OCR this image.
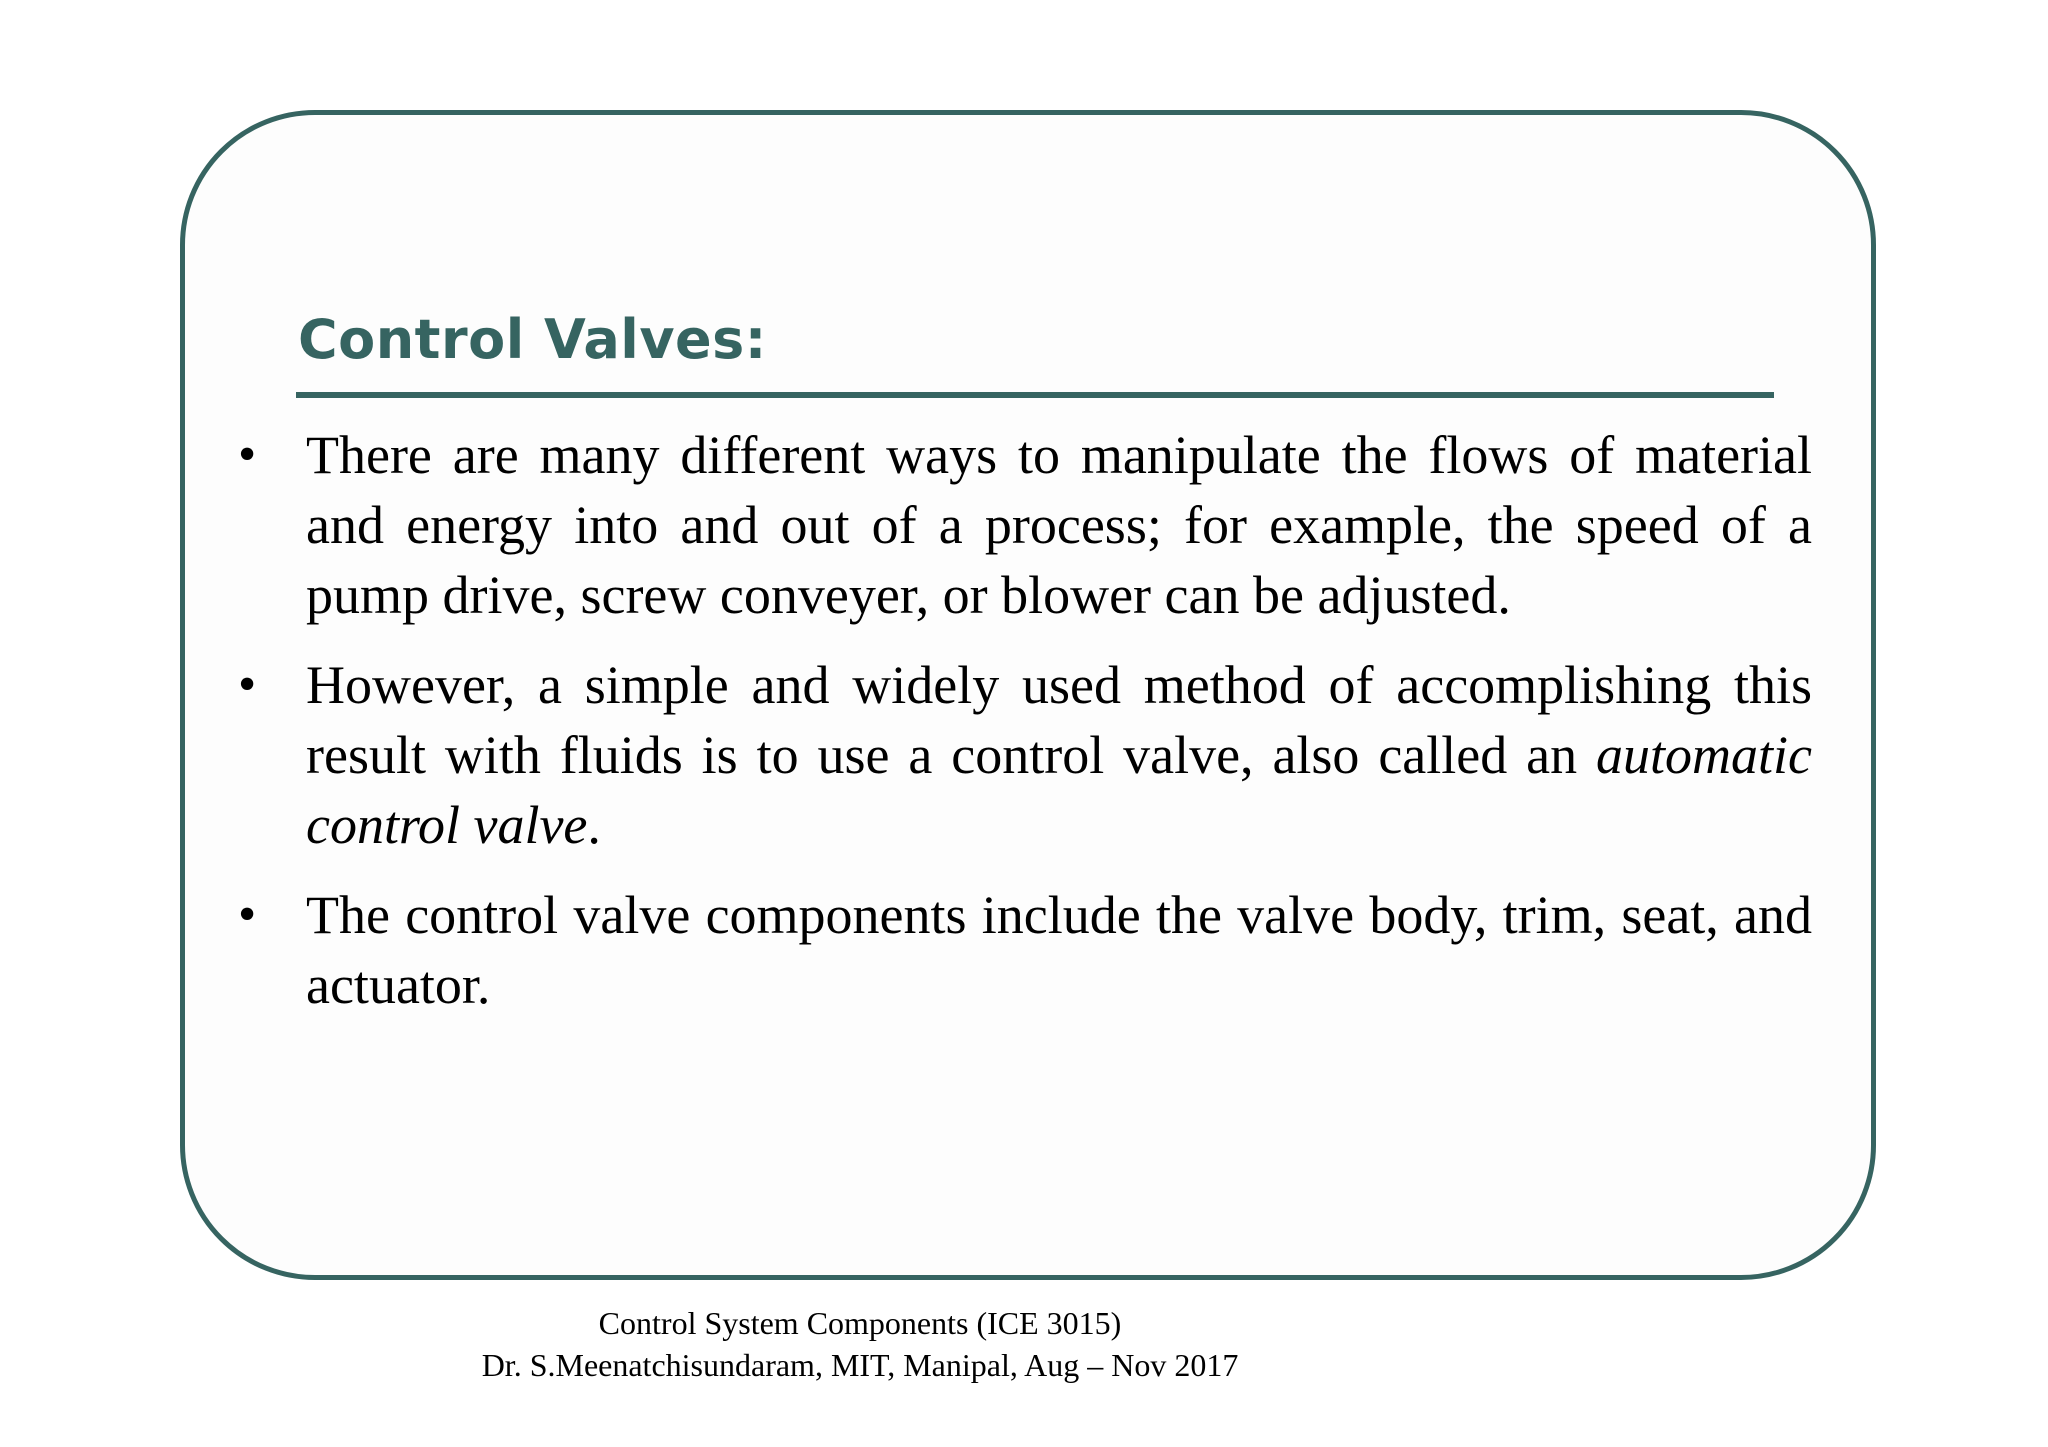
Control Valves:
• There are many different ways to manipulate the flows of material and energy into and out of a process; for example, the speed of a pump drive, screw conveyer, or blower can be adjusted.
• However, a simple and widely used method of accomplishing this result with fluids is to use a control valve, also called an automatic control valve.
• The control valve components include the valve body, trim, seat, and actuator.
Control System Components (ICE 3015)
Dr. S.Meenatchisundaram, MIT, Manipal, Aug – Nov 2017
